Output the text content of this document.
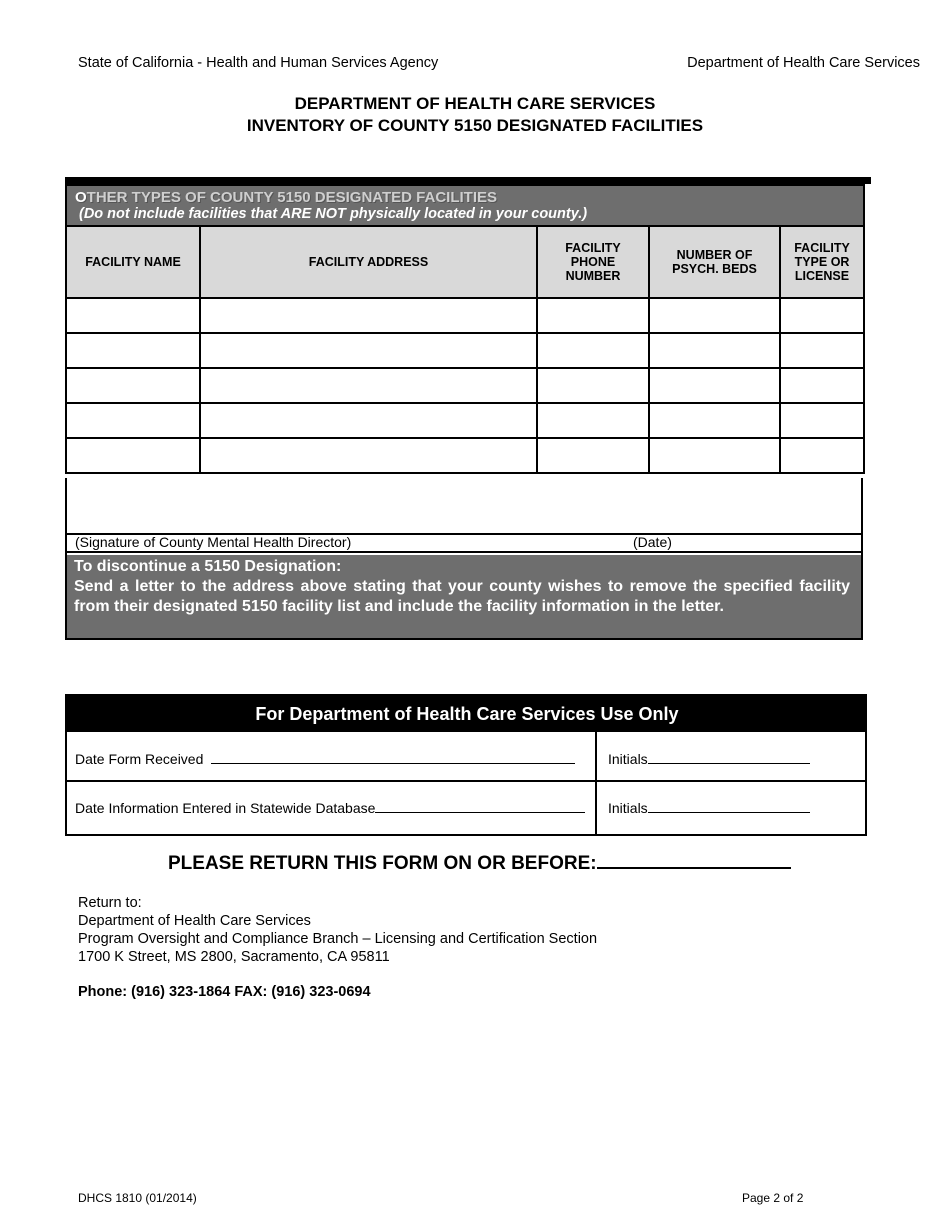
State of California - Health and Human Services Agency	Department of Health Care Services
DEPARTMENT OF HEALTH CARE SERVICES
INVENTORY OF COUNTY 5150 DESIGNATED FACILITIES
OTHER TYPES OF COUNTY 5150 DESIGNATED FACILITIES
(Do not include facilities that ARE NOT physically located in your county.)				

FACILITY NAME	FACILITY ADDRESS	FACILITY PHONE NUMBER	NUMBER OF PSYCH. BEDS	FACILITY TYPE OR LICENSE

(Signature of County Mental Health Director)	(Date)
To discontinue a 5150 Designation:
Send a letter to the address above stating that your county wishes to remove the specified facility from their designated 5150 facility list and include the facility information in the letter.
For Department of Health Care Services Use Only
Date Form Received	Initials
Date Information Entered in Statewide Database	Initials
PLEASE RETURN THIS FORM ON OR BEFORE:
Return to:
Department of Health Care Services
Program Oversight and Compliance Branch – Licensing and Certification Section
1700 K Street, MS 2800, Sacramento, CA 95811
Phone: (916) 323-1864 FAX: (916) 323-0694
DHCS 1810 (01/2014)	Page 2 of 2
